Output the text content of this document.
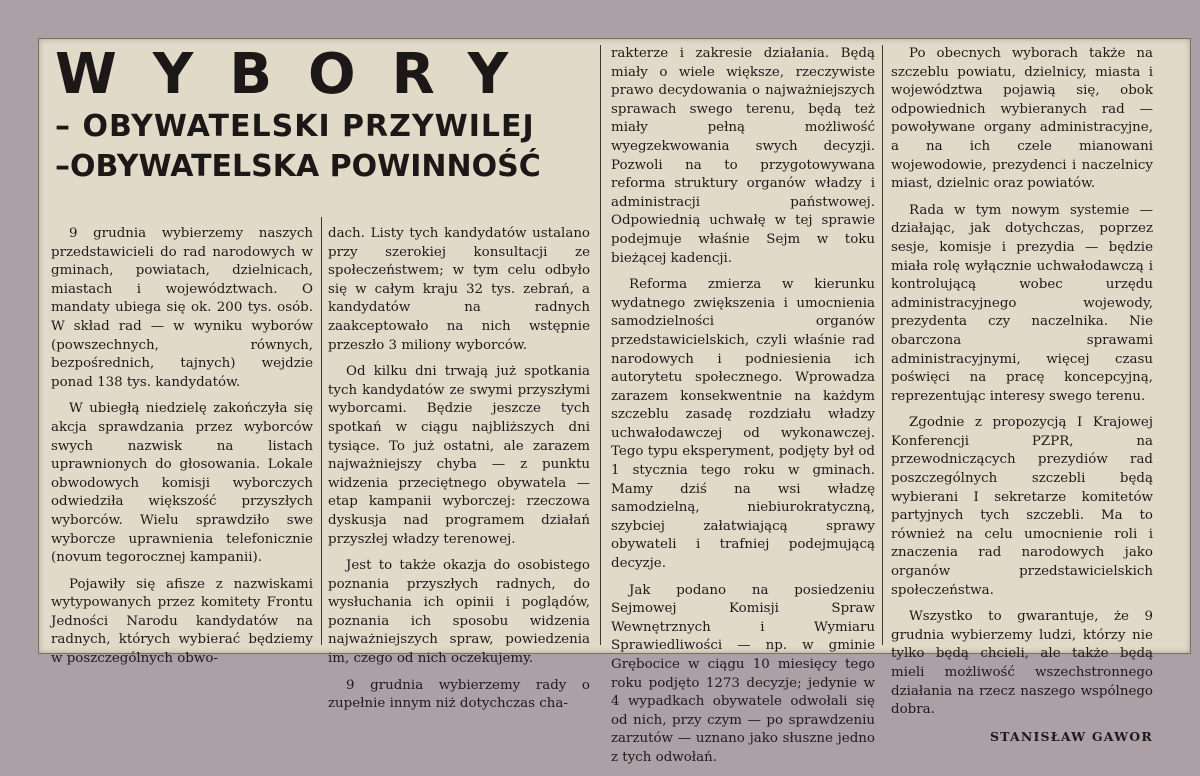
WYBORY
– OBYWATELSKI PRZYWILEJ
–OBYWATELSKA POWINNOŚĆ

9 grudnia wybierzemy naszych przedstawicieli do rad narodowych w gminach, powiatach, dzielnicach, miastach i województwach. O mandaty ubiega się ok. 200 tys. osób. W skład rad — w wyniku wyborów (powszechnych, równych, bezpośrednich, tajnych) wejdzie ponad 138 tys. kandydatów.

W ubiegłą niedzielę zakończyła się akcja sprawdzania przez wyborców swych nazwisk na listach uprawnionych do głosowania. Lokale obwodowych komisji wyborczych odwiedziła większość przyszłych wyborców. Wielu sprawdziło swe wyborcze uprawnienia telefonicznie (novum tegorocznej kampanii).

Pojawiły się afisze z nazwiskami wytypowanych przez komitety Frontu Jedności Narodu kandydatów na radnych, których wybierać będziemy w poszczególnych obwo-

dach. Listy tych kandydatów ustalano przy szerokiej konsultacji ze społeczeństwem; w tym celu odbyło się w całym kraju 32 tys. zebrań, a kandydatów na radnych zaakceptowało na nich wstępnie przeszło 3 miliony wyborców.

Od kilku dni trwają już spotkania tych kandydatów ze swymi przyszłymi wyborcami. Będzie jeszcze tych spotkań w ciągu najbliższych dni tysiące. To już ostatni, ale zarazem najważniejszy chyba — z punktu widzenia przeciętnego obywatela — etap kampanii wyborczej: rzeczowa dyskusja nad programem działań przyszłej władzy terenowej.

Jest to także okazja do osobistego poznania przyszłych radnych, do wysłuchania ich opinii i poglądów, poznania ich sposobu widzenia najważniejszych spraw, powiedzenia im, czego od nich oczekujemy.

9 grudnia wybierzemy rady o zupełnie innym niż dotychczas cha-

rakterze i zakresie działania. Będą miały o wiele większe, rzeczywiste prawo decydowania o najważniejszych sprawach swego terenu, będą też miały pełną możliwość wyegzekwowania swych decyzji. Pozwoli na to przygotowywana reforma struktury organów władzy i administracji państwowej. Odpowiednią uchwałę w tej sprawie podejmuje właśnie Sejm w toku bieżącej kadencji.

Reforma zmierza w kierunku wydatnego zwiększenia i umocnienia samodzielności organów przedstawicielskich, czyli właśnie rad narodowych i podniesienia ich autorytetu społecznego. Wprowadza zarazem konsekwentnie na każdym szczeblu zasadę rozdziału władzy uchwałodawczej od wykonawczej. Tego typu eksperyment, podjęty był od 1 stycznia tego roku w gminach. Mamy dziś na wsi władzę samodzielną, niebiurokratyczną, szybciej załatwiającą sprawy obywateli i trafniej podejmującą decyzje.

Jak podano na posiedzeniu Sejmowej Komisji Spraw Wewnętrznych i Wymiaru Sprawiedliwości — np. w gminie Grębocice w ciągu 10 miesięcy tego roku podjęto 1273 decyzje; jedynie w 4 wypadkach obywatele odwołali się od nich, przy czym — po sprawdzeniu zarzutów — uznano jako słuszne jedno z tych odwołań.

Po obecnych wyborach także na szczeblu powiatu, dzielnicy, miasta i województwa pojawią się, obok odpowiednich wybieranych rad — powoływane organy administracyjne, a na ich czele mianowani wojewodowie, prezydenci i naczelnicy miast, dzielnic oraz powiatów.

Rada w tym nowym systemie — działając, jak dotychczas, poprzez sesje, komisje i prezydia — będzie miała rolę wyłącznie uchwałodawczą i kontrolującą wobec urzędu administracyjnego wojewody, prezydenta czy naczelnika. Nie obarczona sprawami administracyjnymi, więcej czasu poświęci na pracę koncepcyjną, reprezentując interesy swego terenu.

Zgodnie z propozycją I Krajowej Konferencji PZPR, na przewodniczących prezydiów rad poszczególnych szczebli będą wybierani I sekretarze komitetów partyjnych tych szczebli. Ma to również na celu umocnienie roli i znaczenia rad narodowych jako organów przedstawicielskich społeczeństwa.

Wszystko to gwarantuje, że 9 grudnia wybierzemy ludzi, którzy nie tylko będą chcieli, ale także będą mieli możliwość wszechstronnego działania na rzecz naszego wspólnego dobra.

STANISŁAW GAWOR
